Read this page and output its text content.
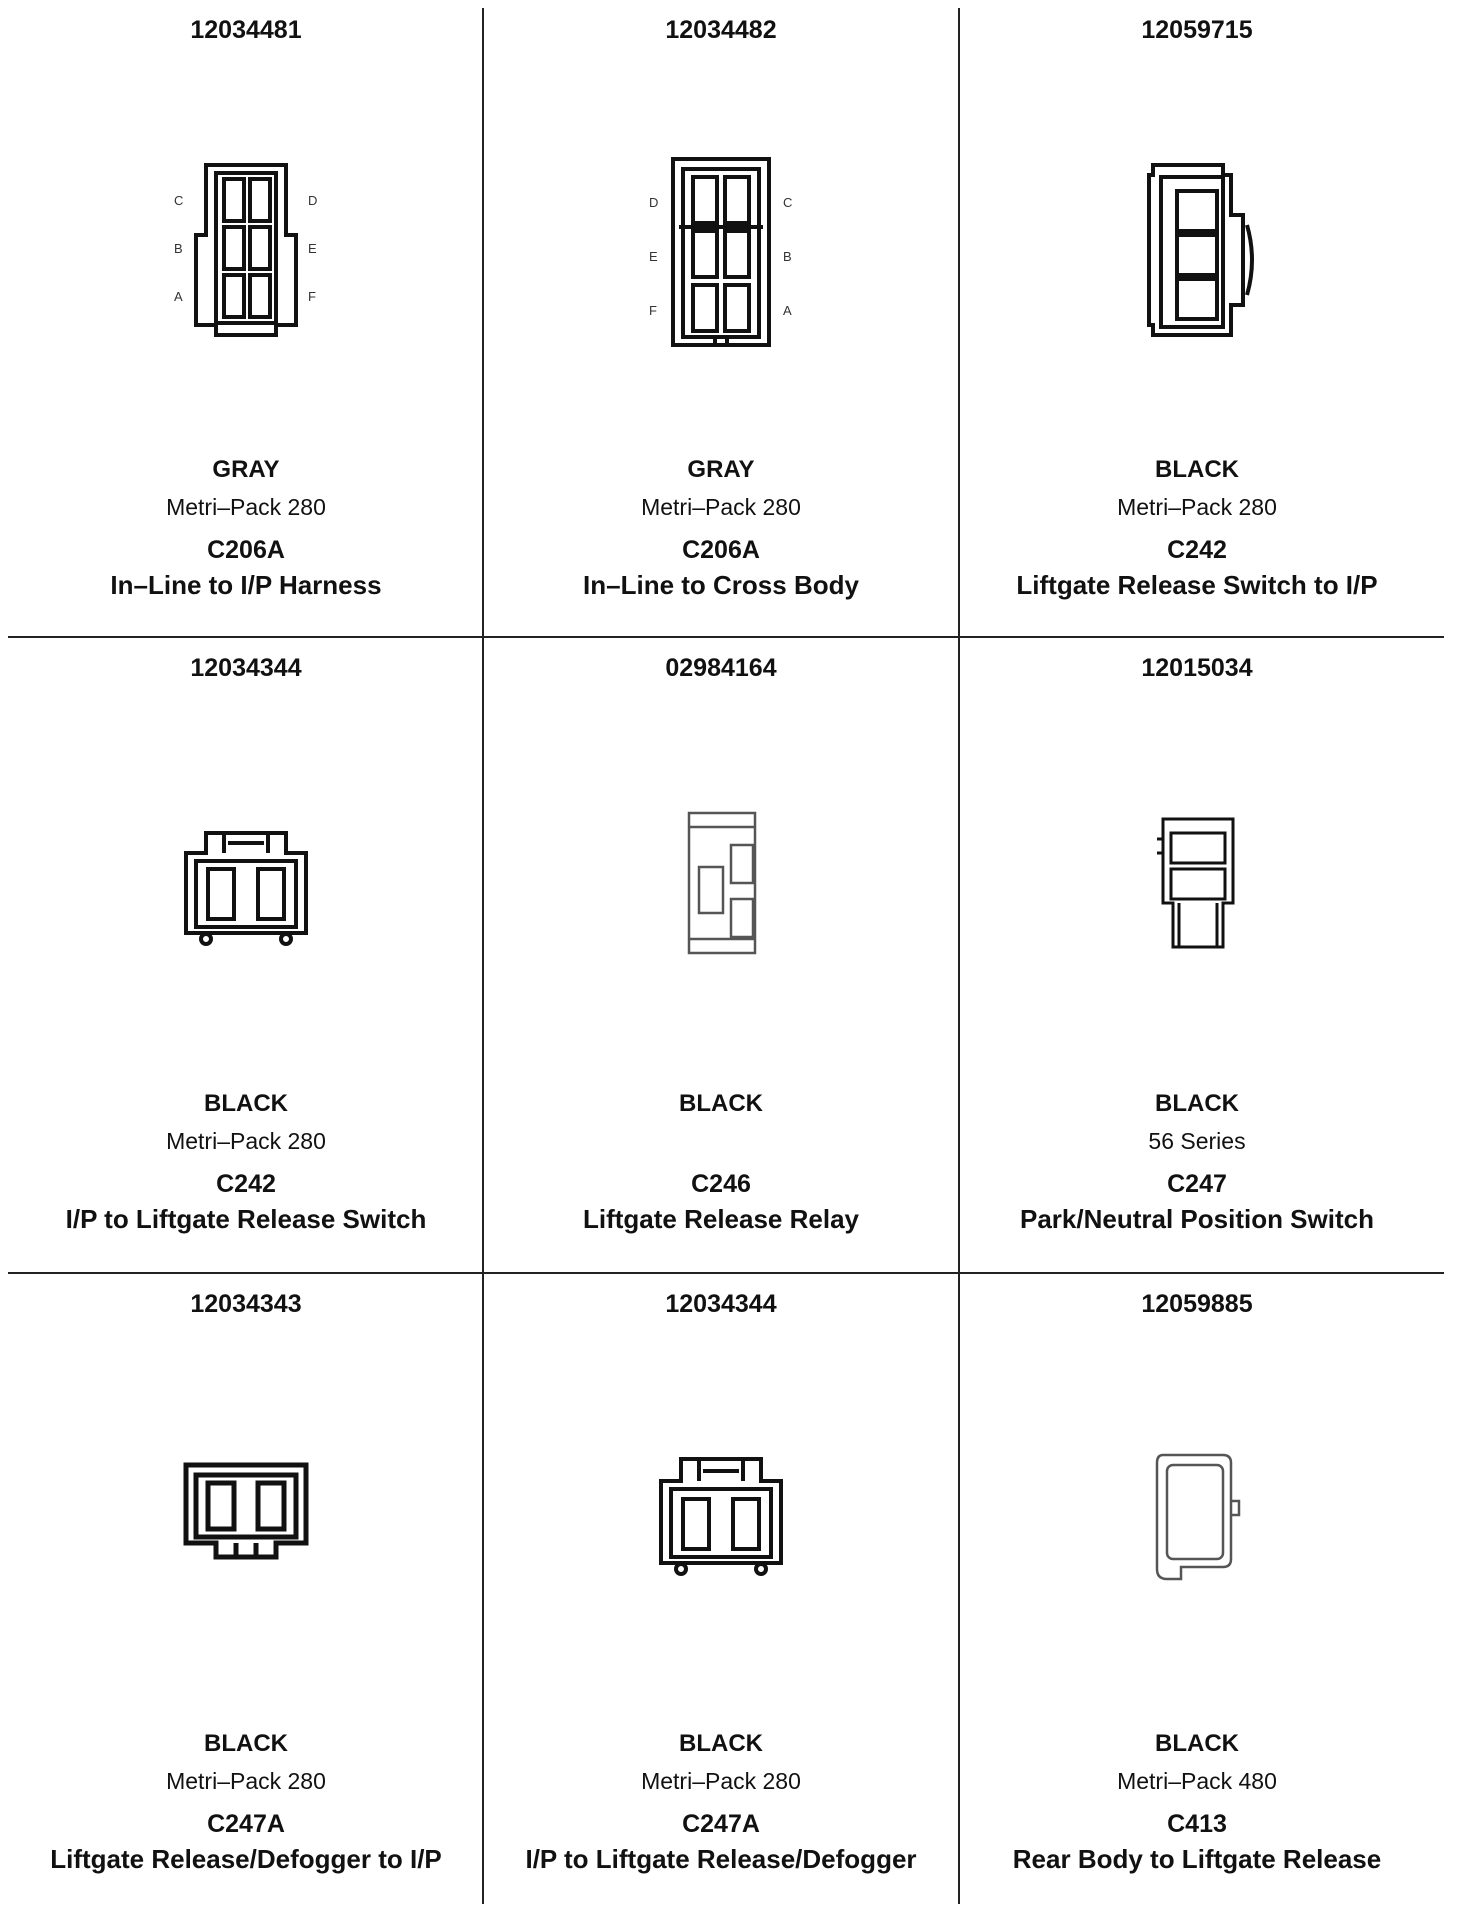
12034481
C	D
B	E
A	F
GRAY
Metri–Pack 280
C206A
In–Line to I/P Harness
12034482
D	C
E	B
F	A
GRAY
Metri–Pack 280
C206A
In–Line to Cross Body
12059715
BLACK
Metri–Pack 280
C242
Liftgate Release Switch to I/P
12034344
BLACK
Metri–Pack 280
C242
I/P to Liftgate Release Switch
02984164
BLACK
C246
Liftgate Release Relay
12015034
BLACK
56 Series
C247
Park/Neutral Position Switch
12034343
BLACK
Metri–Pack 280
C247A
Liftgate Release/Defogger to I/P
12034344
BLACK
Metri–Pack 280
C247A
I/P to Liftgate Release/Defogger
12059885
BLACK
Metri–Pack 480
C413
Rear Body to Liftgate Release
